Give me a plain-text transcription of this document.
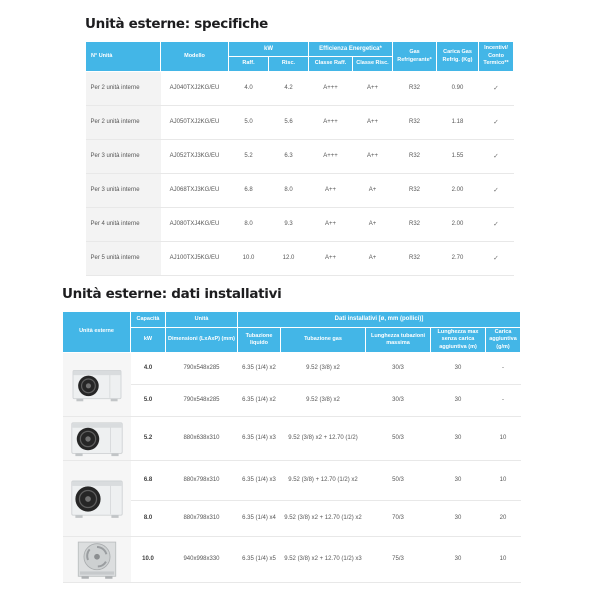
Unità esterne: specifiche
N° Unità	Modello	kW		Efficienza Energetica*		Gas Refrigerante*	Carica Gas Refrig. (Kg)	Incentivi/ Conto Termico**
		Raff.	Risc.	Classe Raff.	Classe Risc.			
Per 2 unità interne	AJ040TXJ2KG/EU	4.0	4.2	A+++	A++	R32	0.90	✓
Per 2 unità interne	AJ050TXJ2KG/EU	5.0	5.6	A+++	A++	R32	1.18	✓
Per 3 unità interne	AJ052TXJ3KG/EU	5.2	6.3	A+++	A++	R32	1.55	✓
Per 3 unità interne	AJ068TXJ3KG/EU	6.8	8.0	A++	A+	R32	2.00	✓
Per 4 unità interne	AJ080TXJ4KG/EU	8.0	9.3	A++	A+	R32	2.00	✓
Per 5 unità interne	AJ100TXJ5KG/EU	10.0	12.0	A++	A+	R32	2.70	✓
Unità esterne: dati installativi
Unità esterne	Capacità	Unità	Dati installativi [ø, mm (pollici)]				
	kW	Dimensioni (LxAxP) (mm)	Tubazione liquido	Tubazione gas	Lunghezza tubazioni massima	Lunghezza max senza carica aggiuntiva (m)	Carica aggiuntiva (g/m)

	4.0	790x548x285	6.35 (1/4) x2	9.52 (3/8) x2	30/3	30	-
	5.0	790x548x285	6.35 (1/4) x2	9.52 (3/8) x2	30/3	30	-

	5.2	880x638x310	6.35 (1/4) x3	9.52 (3/8) x2 + 12.70 (1/2)	50/3	30	10

	6.8	880x798x310	6.35 (1/4) x3	9.52 (3/8) + 12.70 (1/2) x2	50/3	30	10
	8.0	880x798x310	6.35 (1/4) x4	9.52 (3/8) x2 + 12.70 (1/2) x2	70/3	30	20

	10.0	940x998x330	6.35 (1/4) x5	9.52 (3/8) x2 + 12.70 (1/2) x3	75/3	30	10
